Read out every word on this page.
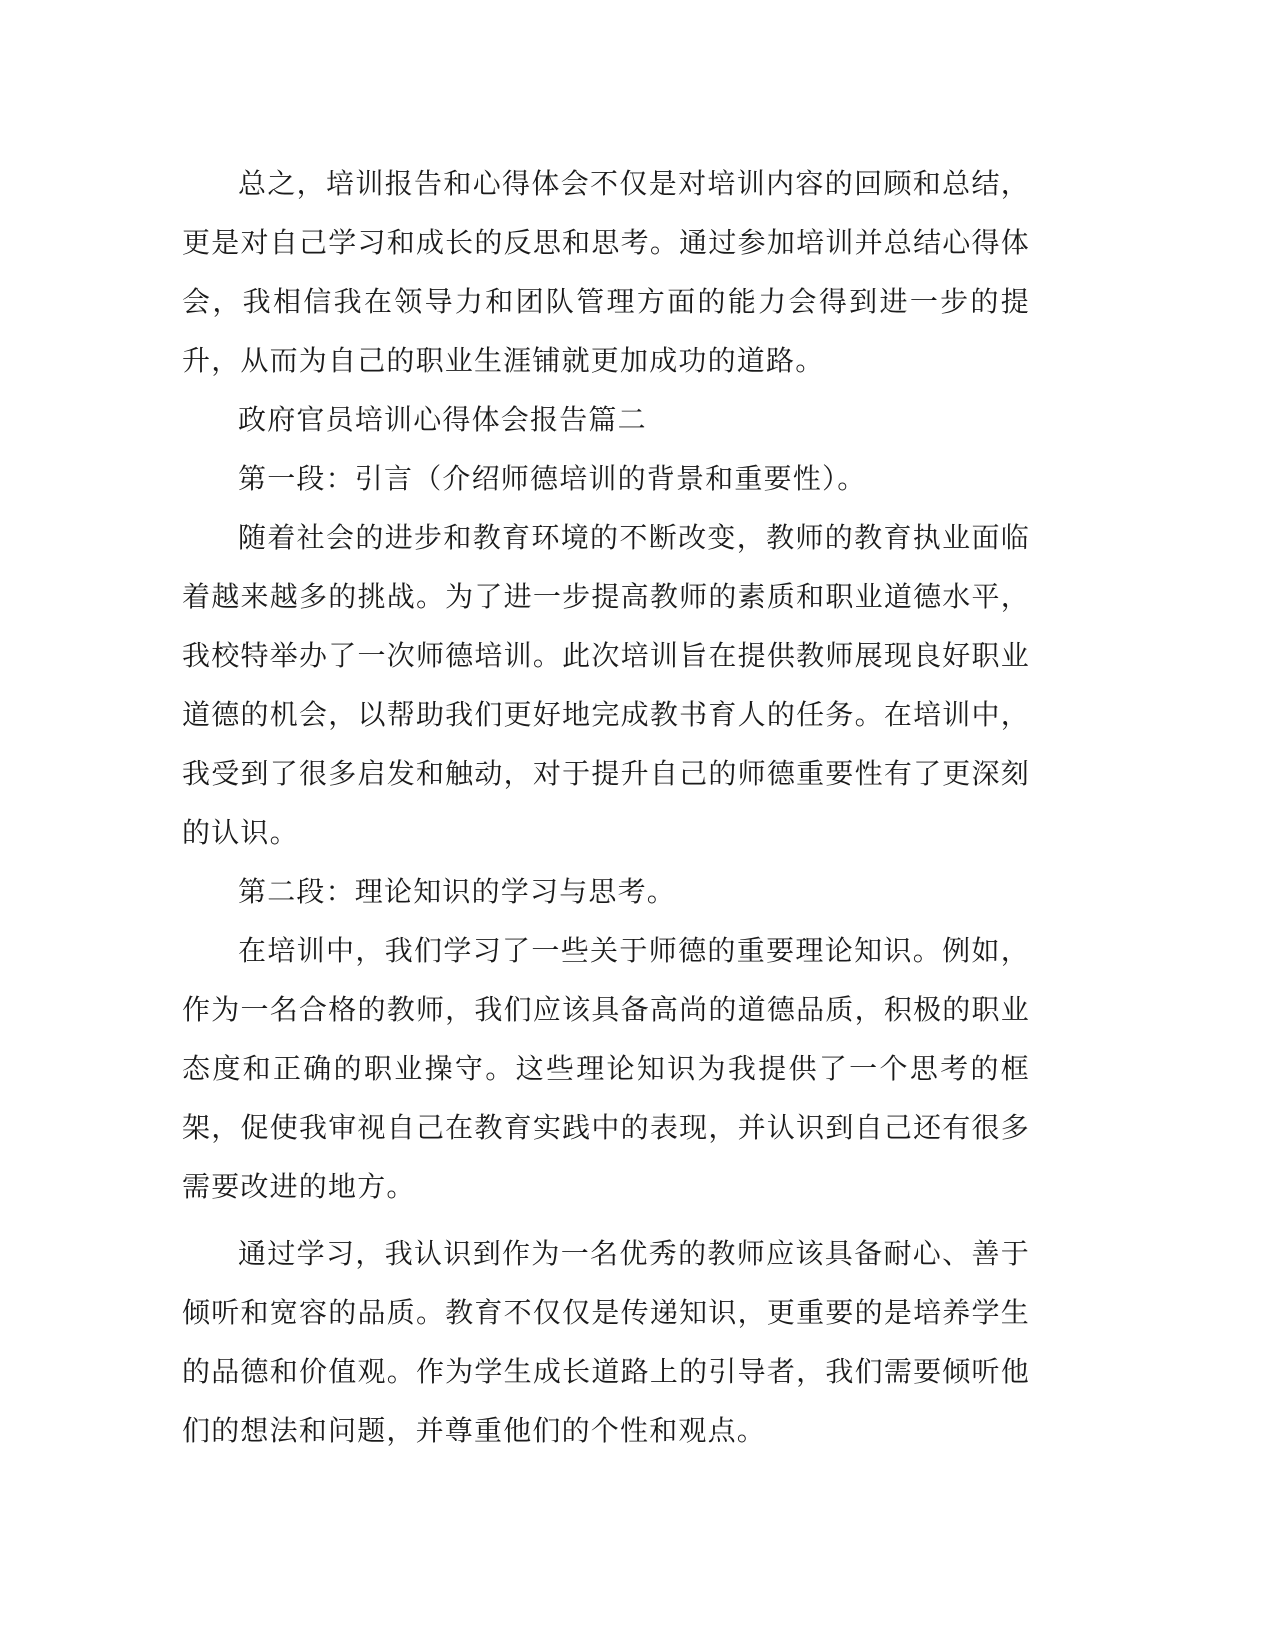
总之，培训报告和心得体会不仅是对培训内容的回顾和总结，更是对自己学习和成长的反思和思考。通过参加培训并总结心得体会，我相信我在领导力和团队管理方面的能力会得到进一步的提升，从而为自己的职业生涯铺就更加成功的道路。

政府官员培训心得体会报告篇二

第一段：引言（介绍师德培训的背景和重要性）。

随着社会的进步和教育环境的不断改变，教师的教育执业面临着越来越多的挑战。为了进一步提高教师的素质和职业道德水平，我校特举办了一次师德培训。此次培训旨在提供教师展现良好职业道德的机会，以帮助我们更好地完成教书育人的任务。在培训中，我受到了很多启发和触动，对于提升自己的师德重要性有了更深刻的认识。

第二段：理论知识的学习与思考。

在培训中，我们学习了一些关于师德的重要理论知识。例如，作为一名合格的教师，我们应该具备高尚的道德品质，积极的职业态度和正确的职业操守。这些理论知识为我提供了一个思考的框架，促使我审视自己在教育实践中的表现，并认识到自己还有很多需要改进的地方。

通过学习，我认识到作为一名优秀的教师应该具备耐心、善于倾听和宽容的品质。教育不仅仅是传递知识，更重要的是培养学生的品德和价值观。作为学生成长道路上的引导者，我们需要倾听他们的想法和问题，并尊重他们的个性和观点。
